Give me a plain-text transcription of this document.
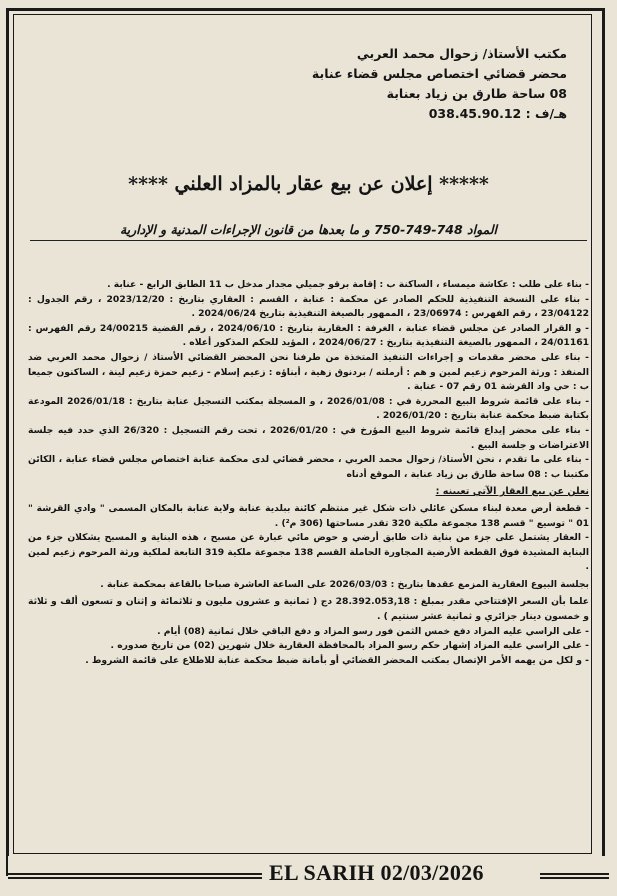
مكتب الأستاذ/ زحوال محمد العربي
محضر قضائي اختصاص مجلس قضاء عنابة
08 ساحة طارق بن زياد بعنابة
هـ/ف : 038.45.90.12
***** إعلان عن بيع عقار بالمزاد العلني ****
المواد 748-749-750 و ما بعدها من قانون الإجراءات المدنية و الإدارية

- بناء على طلب : عكاشة ميمساء ، الساكنة ب : إقامة برقو جميلي مجدار مدخل ب 11 الطابق الرابع - عنابة .

- بناء على النسخة التنفيذية للحكم الصادر عن محكمة : عنابة ، القسم : العقاري بتاريخ : 2023/12/20 ، رقم الجدول : 23/04122 ، رقم الفهرس : 23/06974 ، الممهور بالصيغة التنفيذية بتاريخ 2024/06/24 .

- و القرار الصادر عن مجلس قضاء عنابة ، الغرفة : العقارية بتاريخ : 2024/06/10 ، رقم القضية 24/00215 رقم الفهرس : 24/01161 ، الممهور بالصيغة التنفيذية بتاريخ : 2024/06/27 ، المؤيد للحكم المذكور أعلاه .

- بناء على محضر مقدمات و إجراءات التنفيذ المتخذة من طرفنا نحن المحضر القضائي الأستاذ / زحوال محمد العربي ضد المنفذ : ورثة المرحوم زعيم لمين و هم : أرملته / بردنوق زهية ، أبناؤه : زعيم إسلام - زعيم حمزة زعيم لينة ، الساكنون جميعا ب : حي واد القرشة 01 رقم 07 - عنابة .

- بناء على قائمة شروط البيع المحررة في : 2026/01/08 ، و المسجلة بمكتب التسجيل عنابة بتاريخ : 2026/01/18 المودعة بكتابة ضبط محكمة عنابة بتاريخ : 2026/01/20 .

- بناء على محضر إيداع قائمة شروط البيع المؤرخ في : 2026/01/20 ، تحت رقم التسجيل : 26/320 الذي حدد فيه جلسة الاعتراضات و جلسة البيع .

- بناء على ما تقدم ، نحن الأستاذ/ زحوال محمد العربي ، محضر قضائي لدى محكمة عنابة اختصاص مجلس قضاء عنابة ، الكائن مكتبنا ب : 08 ساحة طارق بن زياد عنابة ، الموقع أدناه

نعلن عن بيع العقار الآتي تعيينه :

- قطعة أرض معدة لبناء مسكن عائلي ذات شكل غير منتظم كائنة ببلدية عنابة ولاية عنابة بالمكان المسمى " وادي القرشة " 01 " توسيع " قسم 138 مجموعة ملكية 320 تقدر مساحتها (306 م²) .

- العقار يشتمل على جزء من بناية ذات طابق أرضي و حوض مائي عبارة عن مسبح ، هذه البناية و المسبح يشكلان جزء من البناية المشيدة فوق القطعة الأرضية المجاورة الحاملة القسم 138 مجموعة ملكية 319 التابعة لملكية ورثة المرحوم زعيم لمين .

بجلسة البيوع العقارية المزمع عقدها بتاريخ : 2026/03/03 على الساعة العاشرة صباحا بالقاعة بمحكمة عنابة .

علما بأن السعر الإفتتاحي مقدر بمبلغ : 28.392.053,18 دج ( ثمانية و عشرون مليون و ثلاثمائة و إثنان و تسعون ألف و ثلاثة و خمسون دينار جزائري و ثمانية عشر سنتيم ) .

- على الراسي عليه المزاد دفع خمس الثمن فور رسو المزاد و دفع الباقي خلال ثمانية (08) أيام .

- على الراسي عليه المزاد إشهار حكم رسو المزاد بالمحافظة العقارية خلال شهرين (02) من تاريخ صدوره .

- و لكل من يهمه الأمر الإتصال بمكتب المحضر القضائي أو بأمانة ضبط محكمة عنابة للاطلاع على قائمة الشروط .

EL SARIH 02/03/2026
